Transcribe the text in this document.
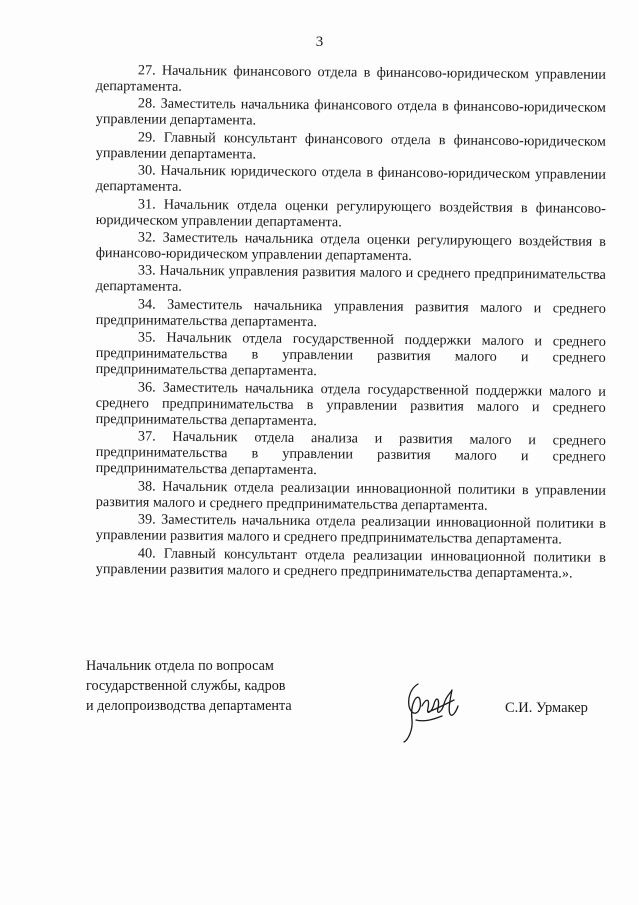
3

27. Начальник финансового отдела в финансово-юридическом управлении департамента.

28. Заместитель начальника финансового отдела в финансово-юридическом управлении департамента.

29. Главный консультант финансового отдела в финансово-юридическом управлении департамента.

30. Начальник юридического отдела в финансово-юридическом управлении департамента.

31. Начальник отдела оценки регулирующего воздействия в финансово-юридическом управлении департамента.

32. Заместитель начальника отдела оценки регулирующего воздействия в финансово-юридическом управлении департамента.

33. Начальник управления развития малого и среднего предпринимательства департамента.

34. Заместитель начальника управления развития малого и среднего предпринимательства департамента.

35. Начальник отдела государственной поддержки малого и среднего предпринимательства в управлении развития малого и среднего предпринимательства департамента.

36. Заместитель начальника отдела государственной поддержки малого и среднего предпринимательства в управлении развития малого и среднего предпринимательства департамента.

37. Начальник отдела анализа и развития малого и среднего предпринимательства в управлении развития малого и среднего предпринимательства департамента.

38. Начальник отдела реализации инновационной политики в управлении развития малого и среднего предпринимательства департамента.

39. Заместитель начальника отдела реализации инновационной политики в управлении развития малого и среднего предпринимательства департамента.

40. Главный консультант отдела реализации инновационной политики в управлении развития малого и среднего предпринимательства департамента.».

Начальник отдела по вопросам
государственной службы, кадров
и делопроизводства департамента	С.И. Урмакер
